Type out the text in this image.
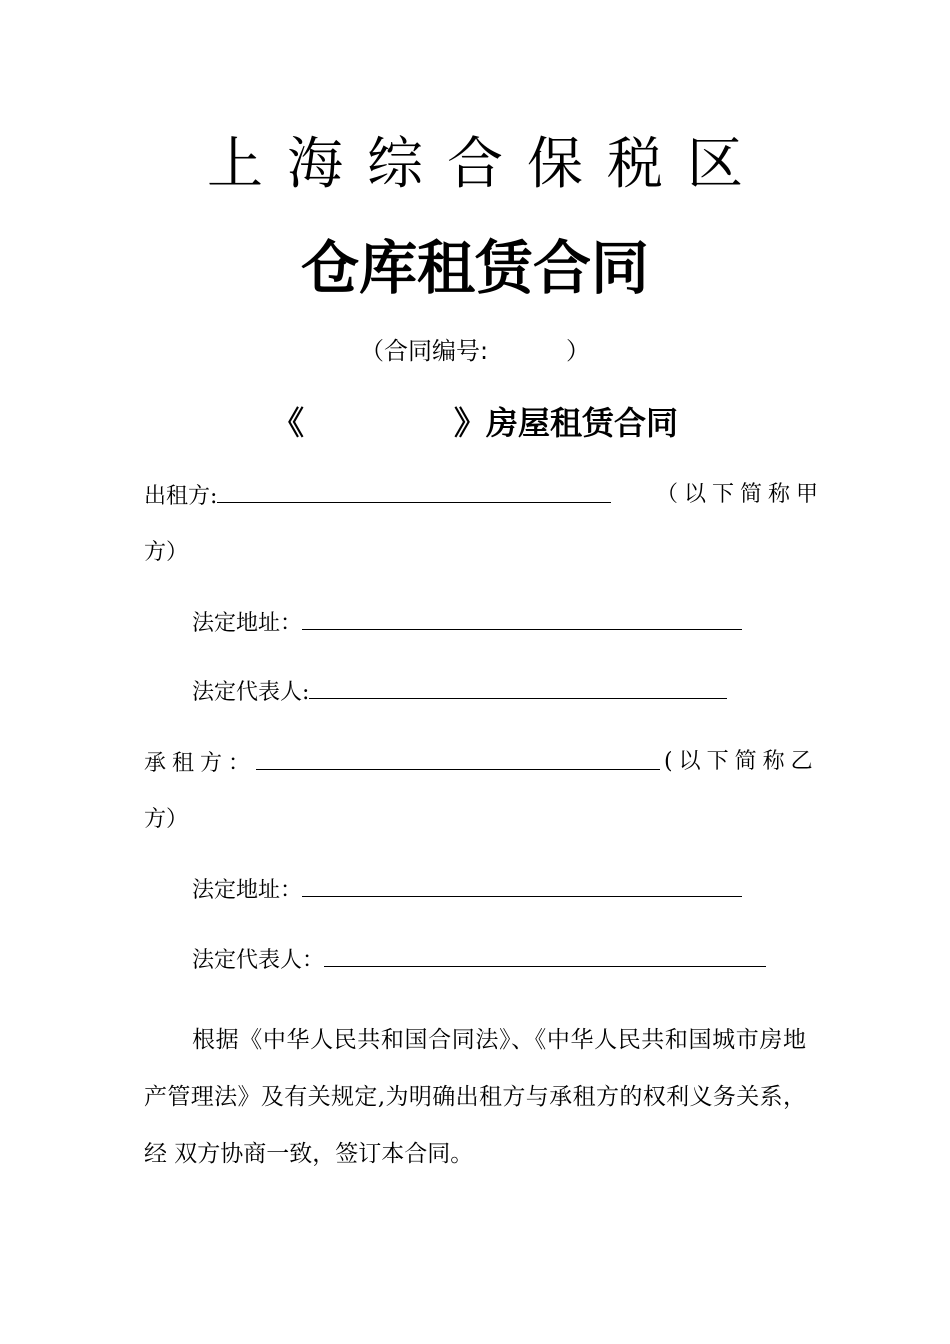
上海综合保税区
仓库租赁合同
（合同编号:	）
《	》房屋租赁合同
出租方:	（以下简称甲
方）
法定地址：
法定代表人:
承租方：	(以下简称乙
方）
法定地址：
法定代表人：
根据《中华人民共和国合同法》、《中华人民共和国城市房地产管理法》及有关规定,为明确出租方与承租方的权利义务关系，经 双方协商一致，签订本合同。
